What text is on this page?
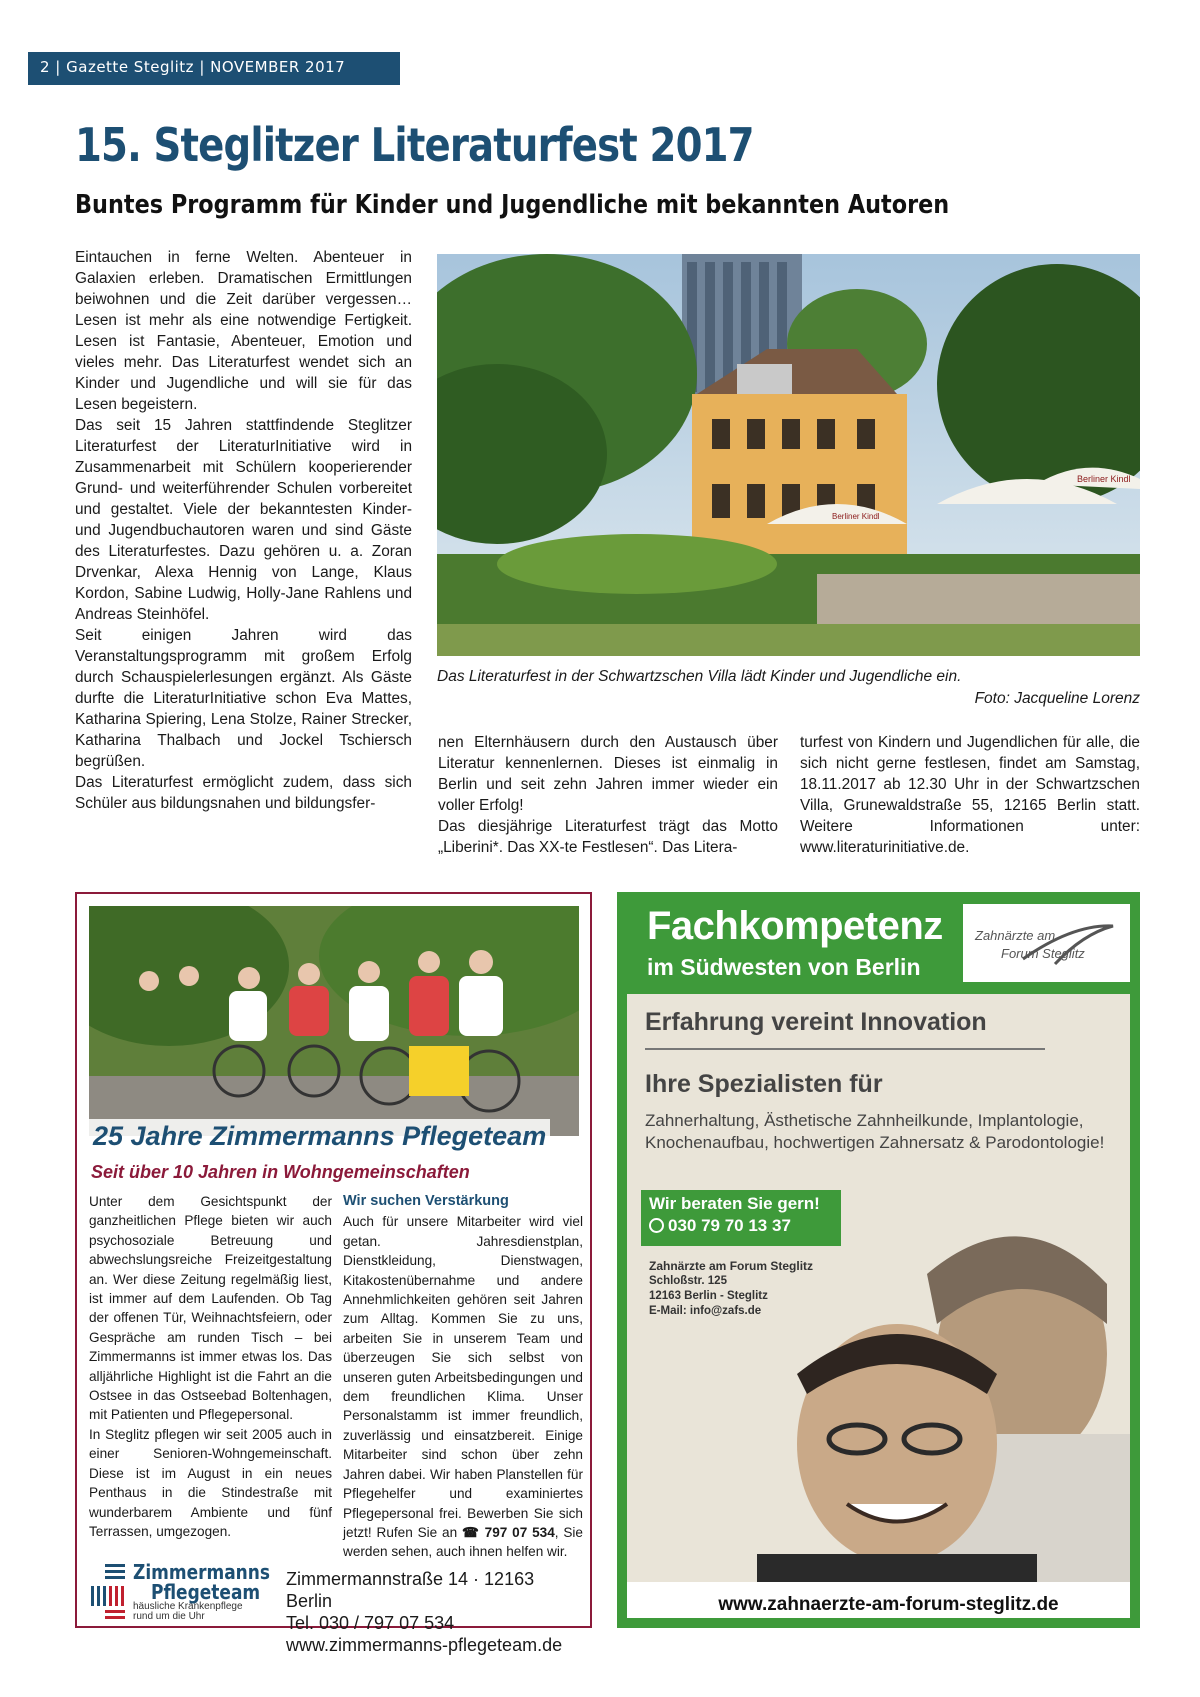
2 | Gazette Steglitz | NOVEMBER 2017
15. Steglitzer Literaturfest 2017
Buntes Programm für Kinder und Jugendliche mit bekannten Autoren

Eintauchen in ferne Welten. Abenteuer in Galaxien erleben. Dramatischen Ermittlungen beiwohnen und die Zeit darüber vergessen… Lesen ist mehr als eine notwendige Fertigkeit. Lesen ist Fantasie, Abenteuer, Emotion und vieles mehr. Das Literaturfest wendet sich an Kinder und Jugendliche und will sie für das Lesen begeistern.

Das seit 15 Jahren stattfindende Steglitzer Literaturfest der LiteraturInitiative wird in Zusammenarbeit mit Schülern kooperierender Grund- und weiterführender Schulen vorbereitet und gestaltet. Viele der bekanntesten Kinder- und Jugendbuchautoren waren und sind Gäste des Literaturfestes. Dazu gehören u. a. Zoran Drvenkar, Alexa Hennig von Lange, Klaus Kordon, Sabine Ludwig, Holly-Jane Rahlens und Andreas Steinhöfel.

Seit einigen Jahren wird das Veranstaltungsprogramm mit großem Erfolg durch Schauspielerlesungen ergänzt. Als Gäste durfte die LiteraturInitiative schon Eva Mattes, Katharina Spiering, Lena Stolze, Rainer Strecker, Katharina Thalbach und Jockel Tschiersch begrüßen.

Das Literaturfest ermöglicht zudem, dass sich Schüler aus bildungsnahen und bildungsfer-

Berliner Kindl
Berliner Kindl
Das Literaturfest in der Schwartzschen Villa lädt Kinder und Jugendliche ein.
Foto: Jacqueline Lorenz

nen Elternhäusern durch den Austausch über Literatur kennenlernen. Dieses ist einmalig in Berlin und seit zehn Jahren immer wieder ein voller Erfolg!

Das diesjährige Literaturfest trägt das Motto „Liberini*. Das XX-te Festlesen“. Das Litera-

turfest von Kindern und Jugendlichen für alle, die sich nicht gerne festlesen, findet am Samstag, 18.11.2017 ab 12.30 Uhr in der Schwartzschen Villa, Grunewaldstraße 55, 12165 Berlin statt. Weitere Informationen unter: www.literaturinitiative.de.

25 Jahre Zimmermanns Pflegeteam
Seit über 10 Jahren in Wohngemeinschaften

Unter dem Gesichtspunkt der ganzheitlichen Pflege bieten wir auch psychosoziale Betreuung und abwechslungsreiche Freizeitgestaltung an. Wer diese Zeitung regelmäßig liest, ist immer auf dem Laufenden. Ob Tag der offenen Tür, Weihnachtsfeiern, oder Gespräche am runden Tisch – bei Zimmermanns ist immer etwas los. Das alljährliche Highlight ist die Fahrt an die Ostsee in das Ostseebad Boltenhagen, mit Patienten und Pflegepersonal.

In Steglitz pflegen wir seit 2005 auch in einer Senioren-Wohngemeinschaft. Diese ist im August in ein neues Penthaus in die Stindestraße mit wunderbarem Ambiente und fünf Terrassen, umgezogen.

Wir suchen Verstärkung

Auch für unsere Mitarbeiter wird viel getan. Jahresdienstplan, Dienstkleidung, Dienstwagen, Kitakostenübernahme und andere Annehmlichkeiten gehören seit Jahren zum Alltag. Kommen Sie zu uns, arbeiten Sie in unserem Team und überzeugen Sie sich selbst von unseren guten Arbeitsbedingungen und dem freundlichen Klima. Unser Personalstamm ist immer freundlich, zuverlässig und einsatzbereit. Einige Mitarbeiter sind schon über zehn Jahren dabei. Wir haben Planstellen für Pflegehelfer und examiniertes Pflegepersonal frei. Bewerben Sie sich jetzt! Rufen Sie an ☎ 797 07 534, Sie werden sehen, auch ihnen helfen wir.

Zimmermanns
Pflegeteam
häusliche Krankenpflege
rund um die Uhr
Zimmermannstraße 14 · 12163 Berlin
Tel. 030 / 797 07 534
www.zimmermanns-pflegeteam.de
Fachkompetenz
im Südwesten von Berlin
Zahnärzte am
Forum Steglitz
Erfahrung vereint Innovation
Ihre Spezialisten für
Zahnerhaltung, Ästhetische Zahnheilkunde, Implantologie, Knochenaufbau, hochwertigen Zahnersatz & Parodontologie!
Wir beraten Sie gern!
030 79 70 13 37
Zahnärzte am Forum Steglitz
Schloßstr. 125
12163 Berlin - Steglitz
E-Mail: info@zafs.de
www.zahnaerzte-am-forum-steglitz.de
